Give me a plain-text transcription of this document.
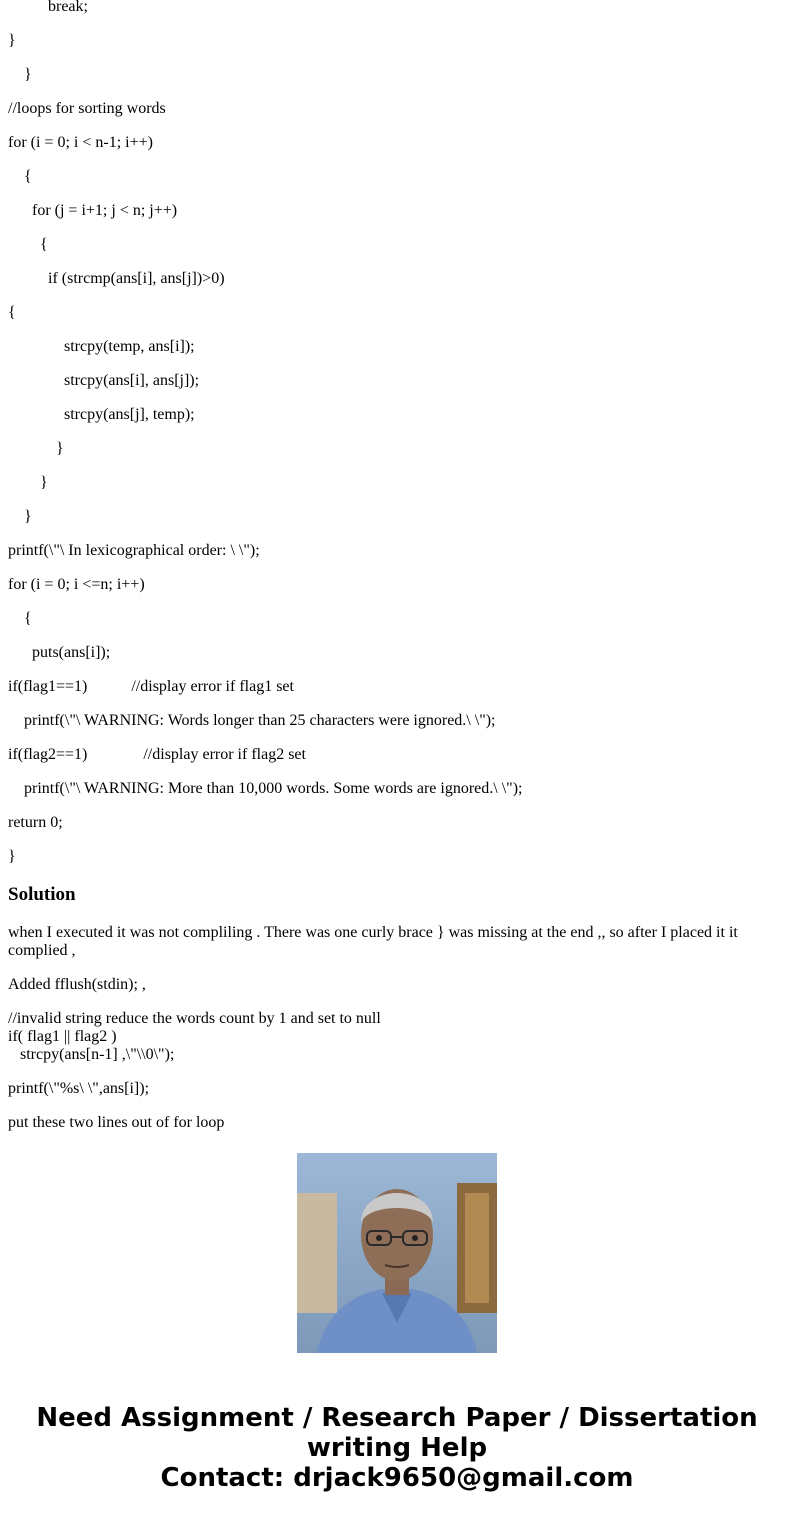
break;
}
}
//loops for sorting words
for (i = 0; i < n-1; i++)
{
for (j = i+1; j < n; j++)
{
if (strcmp(ans[i], ans[j])>0)
{
strcpy(temp, ans[i]);
strcpy(ans[i], ans[j]);
strcpy(ans[j], temp);
}
}
}
printf(\"\ In lexicographical order: \ \");
for (i = 0; i <=n; i++)
{
puts(ans[i]);
if(flag1==1)           //display error if flag1 set
printf(\"\ WARNING: Words longer than 25 characters were ignored.\ \");
if(flag2==1)              //display error if flag2 set
printf(\"\ WARNING: More than 10,000 words. Some words are ignored.\ \");
return 0;
}
Solution
when I executed it was not compliling . There was one curly brace } was missing at the end ,, so after I placed it it complied ,
Added fflush(stdin); ,
//invalid string reduce the words count by 1 and set to null
if( flag1 || flag2 )
strcpy(ans[n-1] ,\"\\0\");
printf(\"%s\ \",ans[i]);
put these two lines out of for loop
Need Assignment / Research Paper / Dissertation
writing Help
Contact: drjack9650@gmail.com
